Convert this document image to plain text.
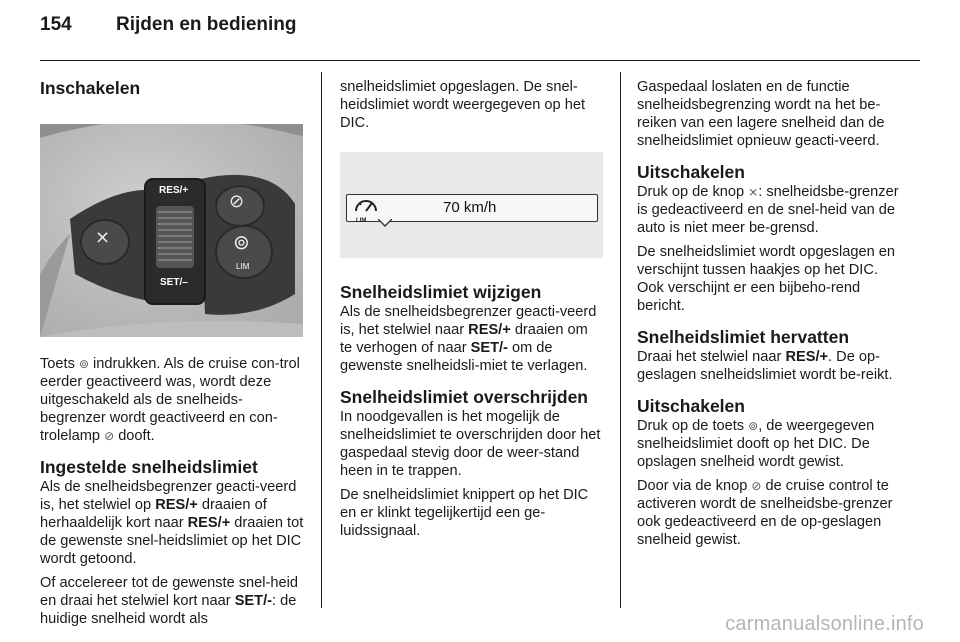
154	Rijden en bediening
Inschakelen
RES/+
SET/–
LIM
⨯
⊘
⊚

Toets ⊚ indrukken. Als de cruise con-trol eerder geactiveerd was, wordt deze uitgeschakeld als de snelheids-begrenzer wordt geactiveerd en con-trolelamp ⊘ dooft.

Ingestelde snelheidslimiet

Als de snelheidsbegrenzer geacti-veerd is, het stelwiel op RES/+ draaien of herhaaldelijk kort naar RES/+ draaien tot de gewenste snel-heidslimiet op het DIC wordt getoond.

Of accelereer tot de gewenste snel-heid en draai het stelwiel kort naar SET/-: de huidige snelheid wordt als

snelheidslimiet opgeslagen. De snel-heidslimiet wordt weergegeven op het DIC.

LIM
70 km/h
Snelheidslimiet wijzigen

Als de snelheidsbegrenzer geacti-veerd is, het stelwiel naar RES/+ draaien om te verhogen of naar SET/- om de gewenste snelheidsli-miet te verlagen.

Snelheidslimiet overschrijden

In noodgevallen is het mogelijk de snelheidslimiet te overschrijden door het gaspedaal stevig door de weer-stand heen in te trappen.

De snelheidslimiet knippert op het DIC en er klinkt tegelijkertijd een ge-luidssignaal.

Gaspedaal loslaten en de functie snelheidsbegrenzing wordt na het be-reiken van een lagere snelheid dan de snelheidslimiet opnieuw geacti-veerd.

Uitschakelen

Druk op de knop ⨯: snelheidsbe-grenzer is gedeactiveerd en de snel-heid van de auto is niet meer be-grensd.

De snelheidslimiet wordt opgeslagen en verschijnt tussen haakjes op het DIC. Ook verschijnt er een bijbeho-rend bericht.

Snelheidslimiet hervatten

Draai het stelwiel naar RES/+. De op-geslagen snelheidslimiet wordt be-reikt.

Uitschakelen

Druk op de toets ⊚, de weergegeven snelheidslimiet dooft op het DIC. De opslagen snelheid wordt gewist.

Door via de knop ⊘ de cruise control te activeren wordt de snelheidsbe-grenzer ook gedeactiveerd en de op-geslagen snelheid gewist.

carmanualsonline.info
